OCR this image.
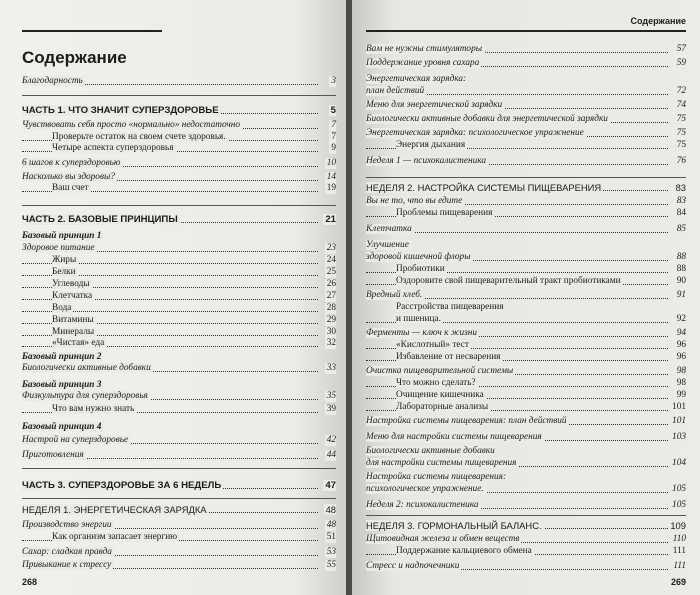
Содержание
Благодарность	3
ЧАСТЬ 1. ЧТО ЗНАЧИТ СУПЕРЗДОРОВЬЕ	5
Чувствовать себя просто «нормально» недостаточно	7
Проверьте остаток на своем счете здоровья.	7
Четыре аспекта суперздоровья	9
6 шагов к суперздоровью	10
Насколько вы здоровы?	14
Ваш счет	19
ЧАСТЬ 2. БАЗОВЫЕ ПРИНЦИПЫ	21
Базовый принцип 1
Здоровое питание	23
Жиры	24
Белки	25
Углеводы	26
Клетчатка	27
Вода	28
Витамины	29
Минералы	30
«Чистая» еда	32
Базовый принцип 2
Биологически активные добавки	33
Базовый принцип 3
Физкультура для суперздоровья	35
Что вам нужно знать	39
Базовый принцип 4
Настрой на суперздоровье	42
Приготовления	44
ЧАСТЬ 3. СУПЕРЗДОРОВЬЕ ЗА 6 НЕДЕЛЬ	47
НЕДЕЛЯ 1. ЭНЕРГЕТИЧЕСКАЯ ЗАРЯДКА	48
Производство энергии	48
Как организм запасает энергию	51
Сахар: сладкая правда	53
Привыкание к стрессу	55
268
Содержание
Вам не нужны стимуляторы	57
Поддержание уровня сахара	59
Энергетическая зарядка:
план действий	72
Меню для энергетической зарядки	74
Биологически активные добавки для энергетической зарядки	75
Энергетическая зарядка: психологическое упражнение	75
Энергия дыхания	75
Неделя 1 — психокалистеника	76
НЕДЕЛЯ 2. НАСТРОЙКА СИСТЕМЫ ПИЩЕВАРЕНИЯ	83
Вы не то, что вы едите	83
Проблемы пищеварения	84
Клетчатка	85
Улучшение
здоровой кишечной флоры	88
Пробиотики	88
Оздоровите свой пищеварительный тракт пробиотиками	90
Вредный хлеб.	91
Расстройства пищеварения
и пшеница.	92
Ферменты — ключ к жизни	94
«Кислотный» тест	96
Избавление от несварения	96
Очистка пищеварительной системы	98
Что можно сделать?	98
Очищение кишечника	99
Лабораторные анализы	101
Настройка системы пищеварения: план действий	101
Меню для настройки системы пищеварения	103
Биологически активные добавки
для настройки системы пищеварения	104
Настройка системы пищеварения:
психологическое упражнение.	105
Неделя 2: психокалистеника	105
НЕДЕЛЯ 3. ГОРМОНАЛЬНЫЙ БАЛАНС.	109
Щитовидная железа и обмен веществ	110
Поддержание кальциевого обмена	111
Стресс и надпочечники	111
269
